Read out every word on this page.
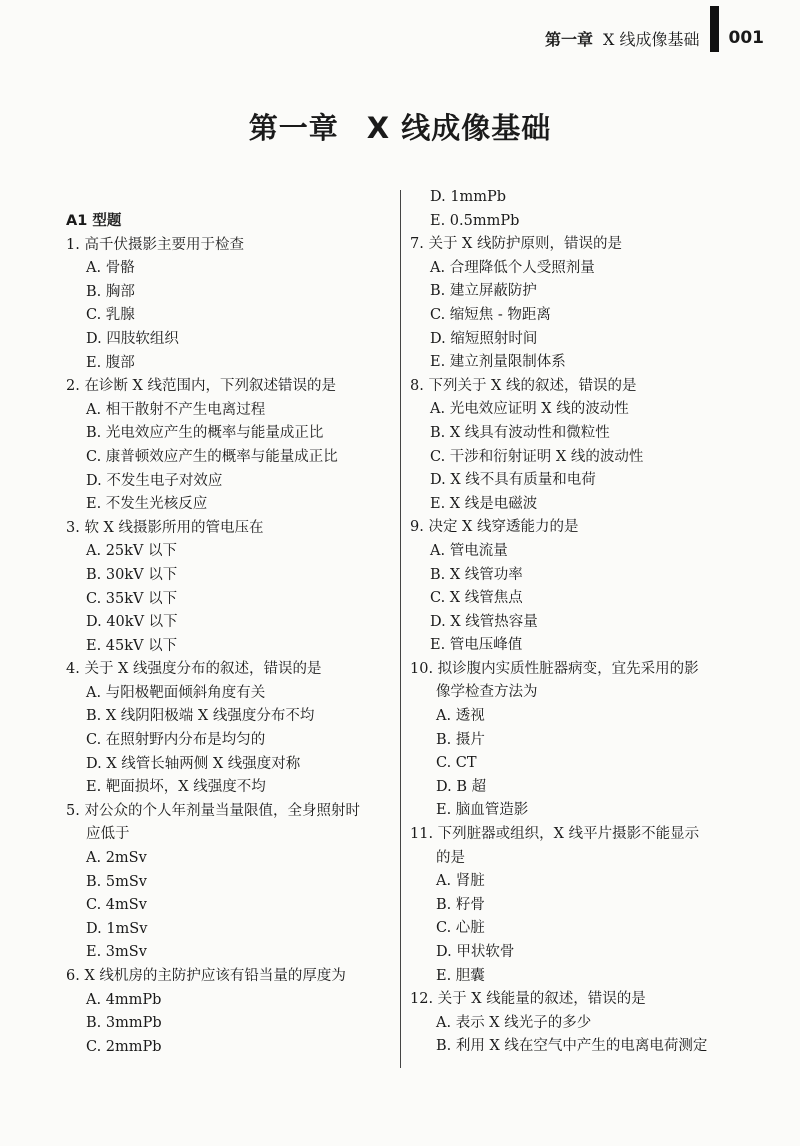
第一章 X 线成像基础 001
第一章 X 线成像基础
A1 型题
1. 高千伏摄影主要用于检查
A. 骨骼
B. 胸部
C. 乳腺
D. 四肢软组织
E. 腹部
2. 在诊断 X 线范围内，下列叙述错误的是
A. 相干散射不产生电离过程
B. 光电效应产生的概率与能量成正比
C. 康普顿效应产生的概率与能量成正比
D. 不发生电子对效应
E. 不发生光核反应
3. 软 X 线摄影所用的管电压在
A. 25kV 以下
B. 30kV 以下
C. 35kV 以下
D. 40kV 以下
E. 45kV 以下
4. 关于 X 线强度分布的叙述，错误的是
A. 与阳极靶面倾斜角度有关
B. X 线阴阳极端 X 线强度分布不均
C. 在照射野内分布是均匀的
D. X 线管长轴两侧 X 线强度对称
E. 靶面损坏，X 线强度不均
5. 对公众的个人年剂量当量限值，全身照射时
应低于
A. 2mSv
B. 5mSv
C. 4mSv
D. 1mSv
E. 3mSv
6. X 线机房的主防护应该有铅当量的厚度为
A. 4mmPb
B. 3mmPb
C. 2mmPb
D. 1mmPb
E. 0.5mmPb
7. 关于 X 线防护原则，错误的是
A. 合理降低个人受照剂量
B. 建立屏蔽防护
C. 缩短焦 - 物距离
D. 缩短照射时间
E. 建立剂量限制体系
8. 下列关于 X 线的叙述，错误的是
A. 光电效应证明 X 线的波动性
B. X 线具有波动性和微粒性
C. 干涉和衍射证明 X 线的波动性
D. X 线不具有质量和电荷
E. X 线是电磁波
9. 决定 X 线穿透能力的是
A. 管电流量
B. X 线管功率
C. X 线管焦点
D. X 线管热容量
E. 管电压峰值
10. 拟诊腹内实质性脏器病变，宜先采用的影
像学检查方法为
A. 透视
B. 摄片
C. CT
D. B 超
E. 脑血管造影
11. 下列脏器或组织，X 线平片摄影不能显示
的是
A. 肾脏
B. 籽骨
C. 心脏
D. 甲状软骨
E. 胆囊
12. 关于 X 线能量的叙述，错误的是
A. 表示 X 线光子的多少
B. 利用 X 线在空气中产生的电离电荷测定
